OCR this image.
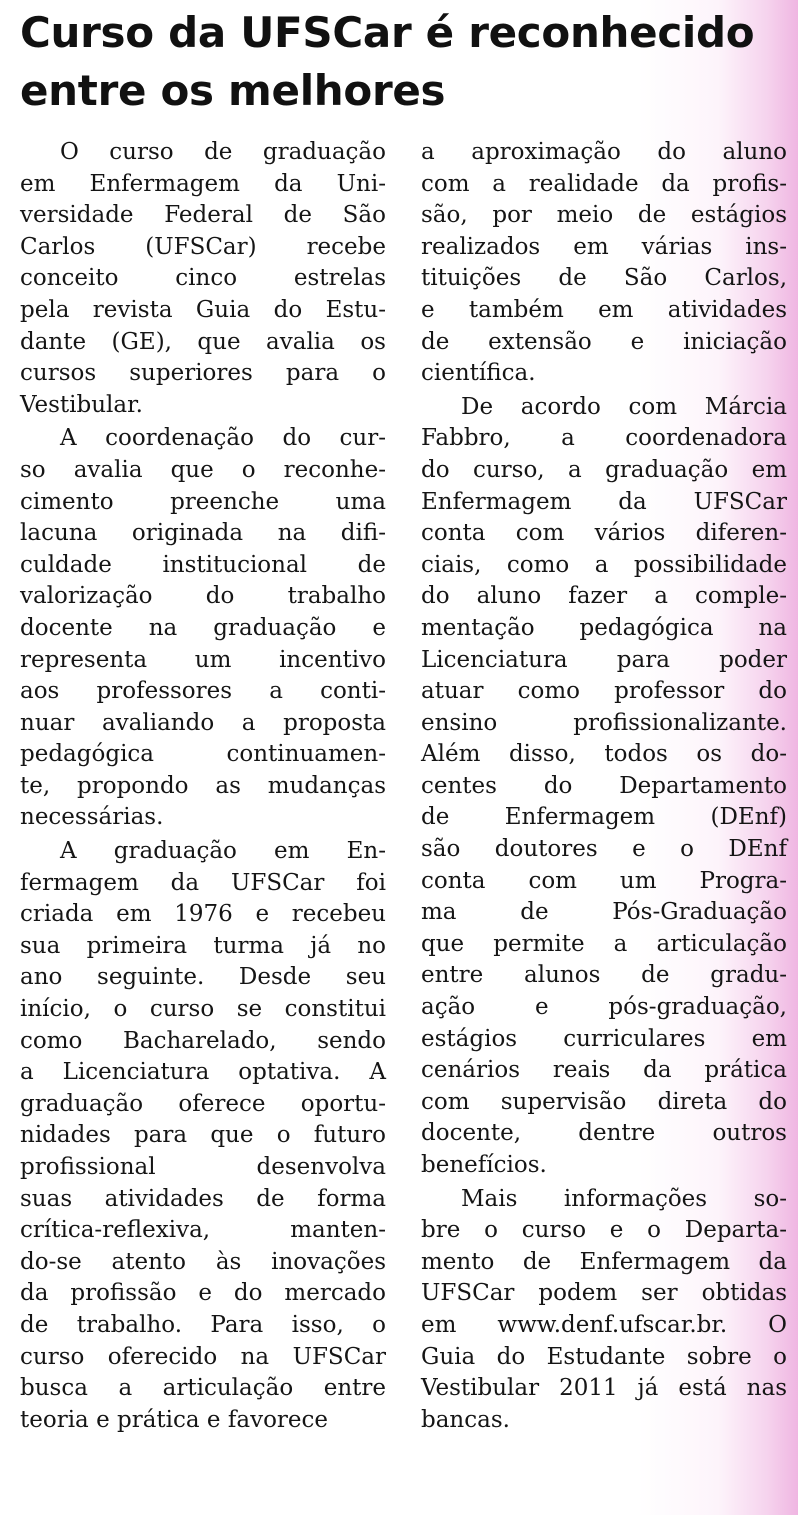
Curso da UFSCar é reconhecido
entre os melhores
O curso de graduação
em Enfermagem da Uni-
versidade Federal de São
Carlos (UFSCar) recebe
conceito cinco estrelas
pela revista Guia do Estu-
dante (GE), que avalia os
cursos superiores para o
Vestibular.
A coordenação do cur-
so avalia que o reconhe-
cimento preenche uma
lacuna originada na difi-
culdade institucional de
valorização do trabalho
docente na graduação e
representa um incentivo
aos professores a conti-
nuar avaliando a proposta
pedagógica continuamen-
te, propondo as mudanças
necessárias.
A graduação em En-
fermagem da UFSCar foi
criada em 1976 e recebeu
sua primeira turma já no
ano seguinte. Desde seu
início, o curso se constitui
como Bacharelado, sendo
a Licenciatura optativa. A
graduação oferece oportu-
nidades para que o futuro
profissional desenvolva
suas atividades de forma
crítica-reflexiva, manten-
do-se atento às inovações
da profissão e do mercado
de trabalho. Para isso, o
curso oferecido na UFSCar
busca a articulação entre
teoria e prática e favorece
a aproximação do aluno
com a realidade da profis-
são, por meio de estágios
realizados em várias ins-
tituições de São Carlos,
e também em atividades
de extensão e iniciação
científica.
De acordo com Márcia
Fabbro, a coordenadora
do curso, a graduação em
Enfermagem da UFSCar
conta com vários diferen-
ciais, como a possibilidade
do aluno fazer a comple-
mentação pedagógica na
Licenciatura para poder
atuar como professor do
ensino profissionalizante.
Além disso, todos os do-
centes do Departamento
de Enfermagem (DEnf)
são doutores e o DEnf
conta com um Progra-
ma de Pós-Graduação
que permite a articulação
entre alunos de gradu-
ação e pós-graduação,
estágios curriculares em
cenários reais da prática
com supervisão direta do
docente, dentre outros
benefícios.
Mais informações so-
bre o curso e o Departa-
mento de Enfermagem da
UFSCar podem ser obtidas
em www.denf.ufscar.br. O
Guia do Estudante sobre o
Vestibular 2011 já está nas
bancas.
